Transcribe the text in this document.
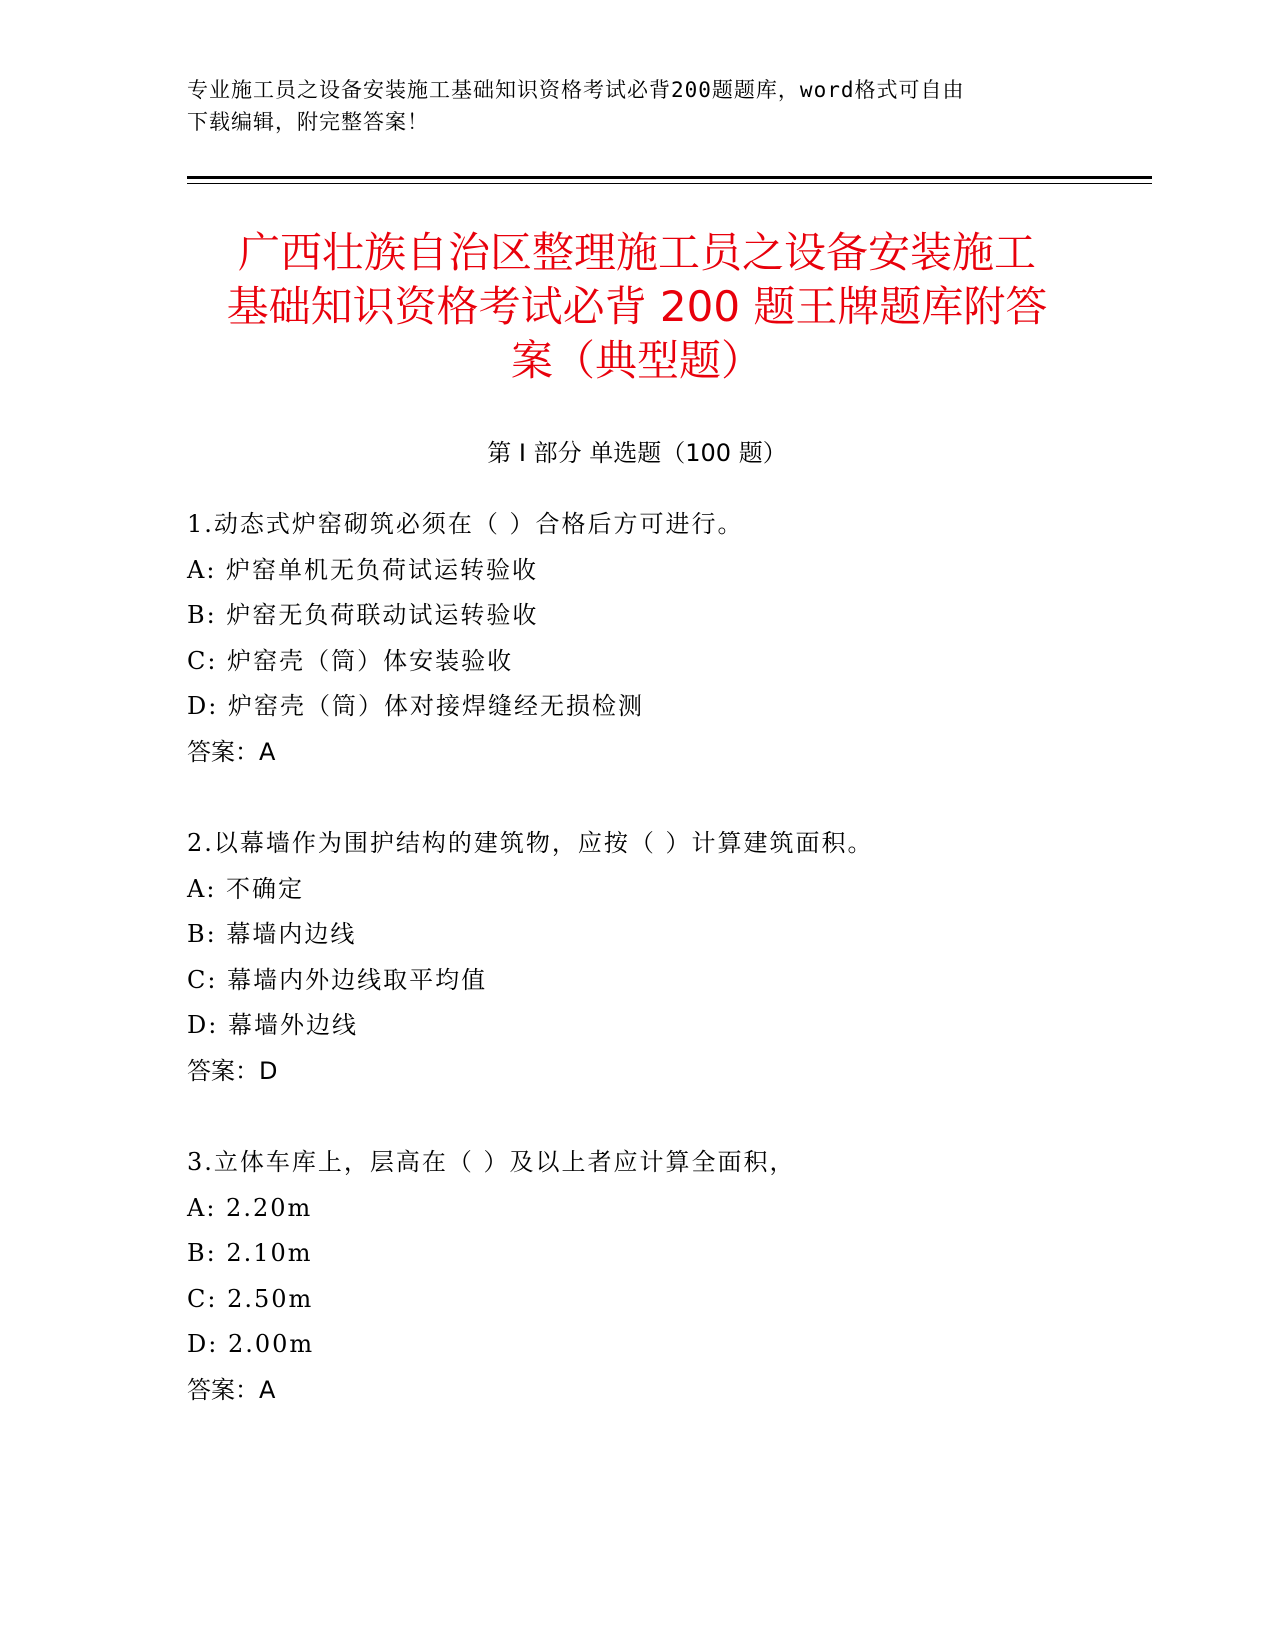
专业施工员之设备安装施工基础知识资格考试必背200题题库，word格式可自由
下载编辑，附完整答案！
广西壮族自治区整理施工员之设备安装施工
基础知识资格考试必背 200 题王牌题库附答
案（典型题）
第 I 部分 单选题（100 题）
1.动态式炉窑砌筑必须在（ ）合格后方可进行。
A: 炉窑单机无负荷试运转验收
B: 炉窑无负荷联动试运转验收
C: 炉窑壳（筒）体安装验收
D: 炉窑壳（筒）体对接焊缝经无损检测
答案：A
2.以幕墙作为围护结构的建筑物，应按（ ）计算建筑面积。
A: 不确定
B: 幕墙内边线
C: 幕墙内外边线取平均值
D: 幕墙外边线
答案：D
3.立体车库上，层高在（ ）及以上者应计算全面积，
A: 2.20m
B: 2.10m
C: 2.50m
D: 2.00m
答案：A
